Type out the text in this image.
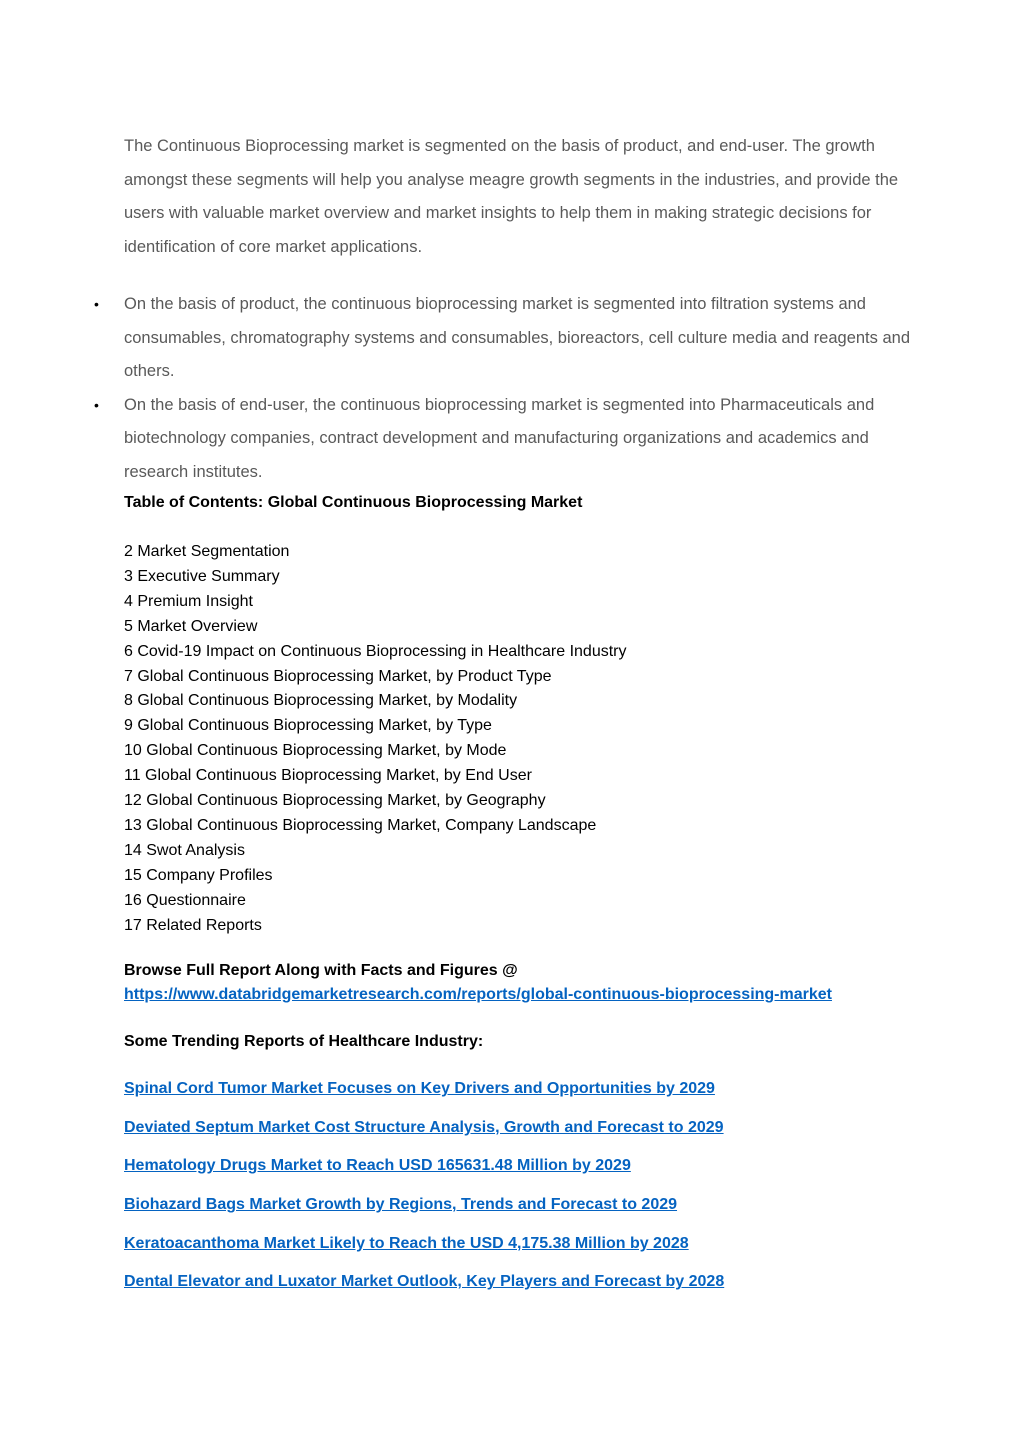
The Continuous Bioprocessing market is segmented on the basis of product, and end-user. The growth amongst these segments will help you analyse meagre growth segments in the industries, and provide the users with valuable market overview and market insights to help them in making strategic decisions for identification of core market applications.

• On the basis of product, the continuous bioprocessing market is segmented into filtration systems and consumables, chromatography systems and consumables, bioreactors, cell culture media and reagents and others.
• On the basis of end-user, the continuous bioprocessing market is segmented into Pharmaceuticals and biotechnology companies, contract development and manufacturing organizations and academics and research institutes.

Table of Contents: Global Continuous Bioprocessing Market

2 Market Segmentation
3 Executive Summary
4 Premium Insight
5 Market Overview
6 Covid-19 Impact on Continuous Bioprocessing in Healthcare Industry
7 Global Continuous Bioprocessing Market, by Product Type
8 Global Continuous Bioprocessing Market, by Modality
9 Global Continuous Bioprocessing Market, by Type
10 Global Continuous Bioprocessing Market, by Mode
11 Global Continuous Bioprocessing Market, by End User
12 Global Continuous Bioprocessing Market, by Geography
13 Global Continuous Bioprocessing Market, Company Landscape
14 Swot Analysis
15 Company Profiles
16 Questionnaire
17 Related Reports

Browse Full Report Along with Facts and Figures @

https://www.databridgemarketresearch.com/reports/global-continuous-bioprocessing-market

Some Trending Reports of Healthcare Industry:

Spinal Cord Tumor Market Focuses on Key Drivers and Opportunities by 2029
Deviated Septum Market Cost Structure Analysis, Growth and Forecast to 2029
Hematology Drugs Market to Reach USD 165631.48 Million by 2029
Biohazard Bags Market Growth by Regions, Trends and Forecast to 2029
Keratoacanthoma Market Likely to Reach the USD 4,175.38 Million by 2028
Dental Elevator and Luxator Market Outlook, Key Players and Forecast by 2028
